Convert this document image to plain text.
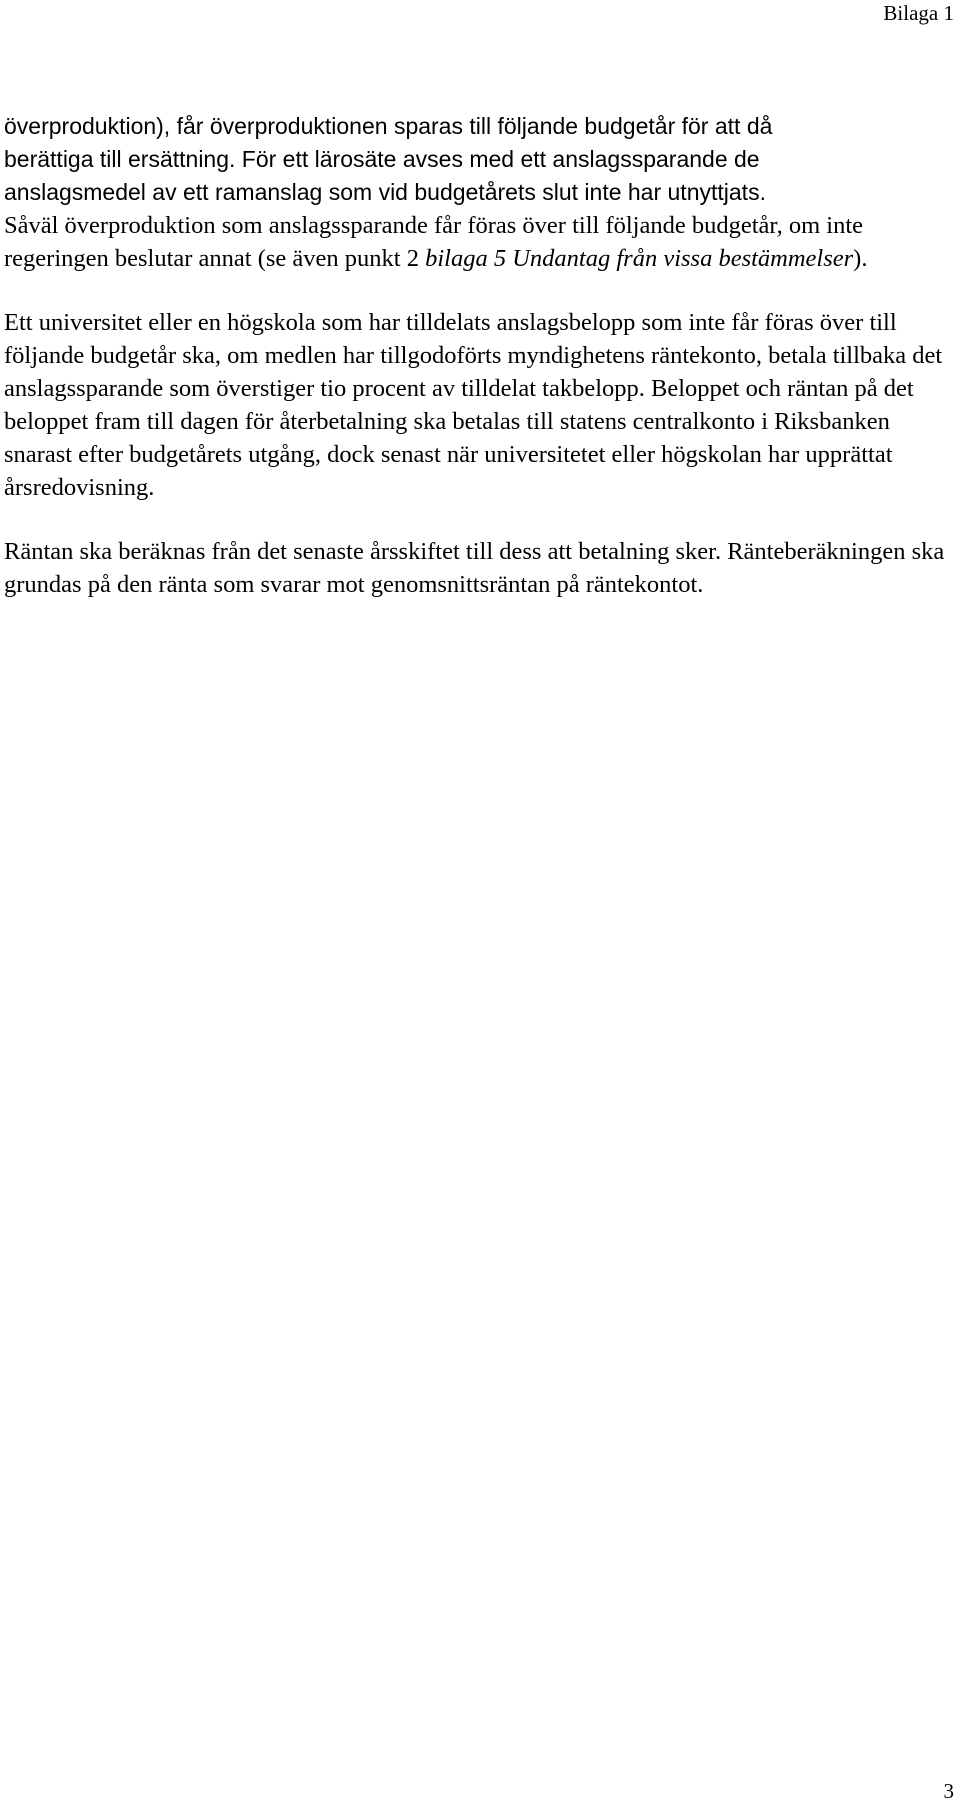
Bilaga 1

överproduktion), får överproduktionen sparas till följande budgetår för att då
berättiga till ersättning. För ett lärosäte avses med ett anslagssparande de
anslagsmedel av ett ramanslag som vid budgetårets slut inte har utnyttjats.
Såväl överproduktion som anslagssparande får föras över till följande budgetår, om inte regeringen beslutar annat (se även punkt 2 bilaga 5 Undantag från vissa bestämmelser).

Ett universitet eller en högskola som har tilldelats anslagsbelopp som inte får föras över till följande budgetår ska, om medlen har tillgodoförts myndighetens räntekonto, betala tillbaka det anslagssparande som överstiger tio procent av tilldelat takbelopp. Beloppet och räntan på det beloppet fram till dagen för återbetalning ska betalas till statens centralkonto i Riksbanken snarast efter budgetårets utgång, dock senast när universitetet eller högskolan har upprättat årsredovisning.

Räntan ska beräknas från det senaste årsskiftet till dess att betalning sker. Ränteberäkningen ska grundas på den ränta som svarar mot genomsnittsräntan på räntekontot.

3
